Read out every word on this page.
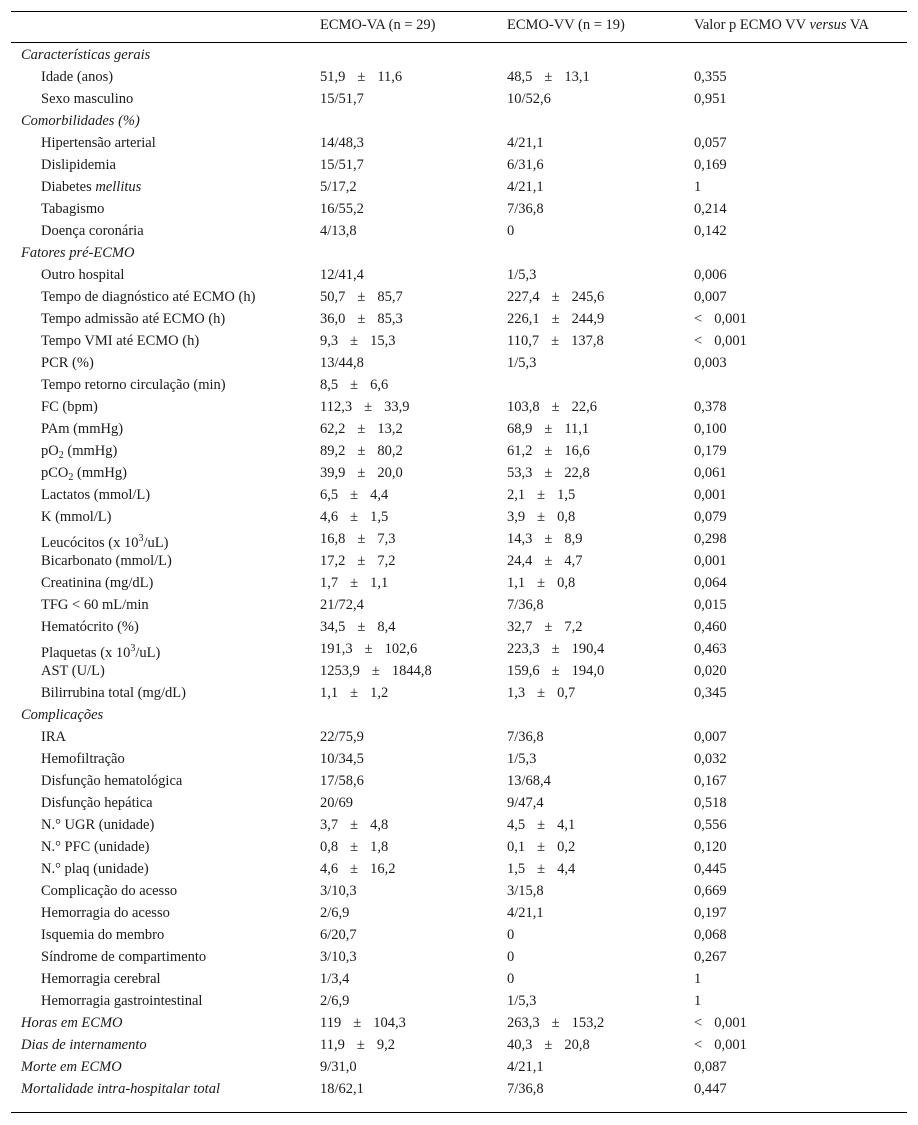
ECMO-VA (n = 29)	ECMO-VV (n = 19)	Valor p ECMO VV versus VA
Características gerais
Idade (anos)	51,9 ± 11,6	48,5 ± 13,1	0,355
Sexo masculino	15/51,7	10/52,6	0,951
Comorbilidades (%)
Hipertensão arterial	14/48,3	4/21,1	0,057
Dislipidemia	15/51,7	6/31,6	0,169
Diabetes mellitus	5/17,2	4/21,1	1
Tabagismo	16/55,2	7/36,8	0,214
Doença coronária	4/13,8	0	0,142
Fatores pré-ECMO
Outro hospital	12/41,4	1/5,3	0,006
Tempo de diagnóstico até ECMO (h)	50,7 ± 85,7	227,4 ± 245,6	0,007
Tempo admissão até ECMO (h)	36,0 ± 85,3	226,1 ± 244,9	< 0,001
Tempo VMI até ECMO (h)	9,3 ± 15,3	110,7 ± 137,8	< 0,001
PCR (%)	13/44,8	1/5,3	0,003
Tempo retorno circulação (min)	8,5 ± 6,6
FC (bpm)	112,3 ± 33,9	103,8 ± 22,6	0,378
PAm (mmHg)	62,2 ± 13,2	68,9 ± 11,1	0,100
$pO_2$ (mmHg)	89,2 ± 80,2	61,2 ± 16,6	0,179
pCO$_2$ (mmHg)	39,9 ± 20,0	53,3 ± 22,8	0,061
Lactatos (mmol/L)	6,5 ± 4,4	2,1 ± 1,5	0,001
K (mmol/L)	4,6 ± 1,5	3,9 ± 0,8	0,079
Leucócitos (x $10^3/uL$)	16,8 ± 7,3	14,3 ± 8,9	0,298
Bicarbonato (mmol/L)	17,2 ± 7,2	24,4 ± 4,7	0,001
Creatinina (mg/dL)	1,7 ± 1,1	1,1 ± 0,8	0,064
TFG < 60 mL/min	21/72,4	7/36,8	0,015
Hematócrito (%)	34,5 ± 8,4	32,7 ± 7,2	0,460
Plaquetas (x $10^3/uL$)	191,3 ± 102,6	223,3 ± 190,4	0,463
AST (U/L)	1253,9 ± 1844,8	159,6 ± 194,0	0,020
Bilirrubina total (mg/dL)	1,1 ± 1,2	1,3 ± 0,7	0,345
Complicações
IRA	22/75,9	7/36,8	0,007
Hemofiltração	10/34,5	1/5,3	0,032
Disfunção hematológica	17/58,6	13/68,4	0,167
Disfunção hepática	20/69	9/47,4	0,518
N.° UGR (unidade)	3,7 ± 4,8	4,5 ± 4,1	0,556
N.° PFC (unidade)	0,8 ± 1,8	0,1 ± 0,2	0,120
N.° plaq (unidade)	4,6 ± 16,2	1,5 ± 4,4	0,445
Complicação do acesso	3/10,3	3/15,8	0,669
Hemorragia do acesso	2/6,9	4/21,1	0,197
Isquemia do membro	6/20,7	0	0,068
Síndrome de compartimento	3/10,3	0	0,267
Hemorragia cerebral	1/3,4	0	1
Hemorragia gastrointestinal	2/6,9	1/5,3	1
Horas em ECMO	119 ± 104,3	263,3 ± 153,2	< 0,001
Dias de internamento	11,9 ± 9,2	40,3 ± 20,8	< 0,001
Morte em ECMO	9/31,0	4/21,1	0,087
Mortalidade intra-hospitalar total	18/62,1	7/36,8	0,447
